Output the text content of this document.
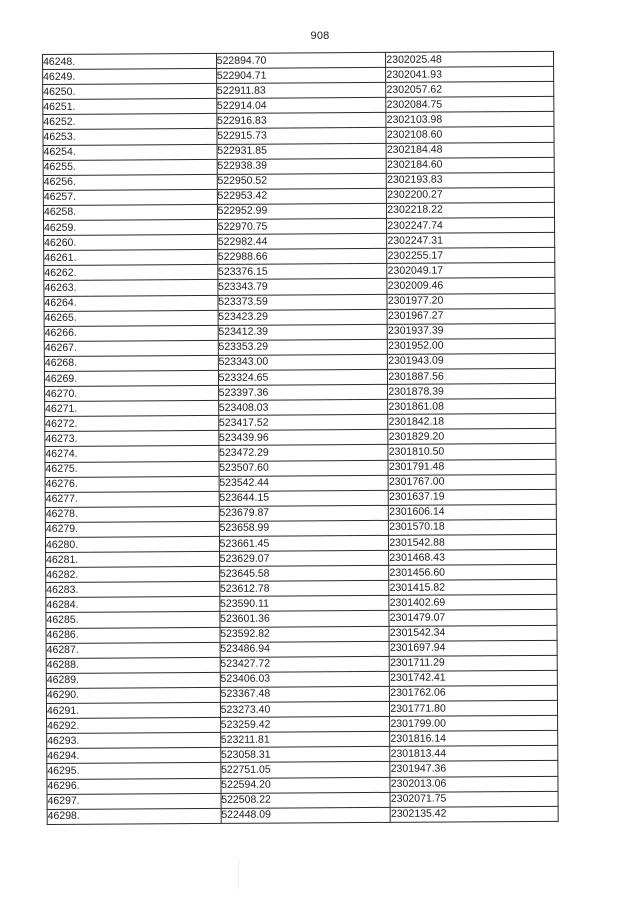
908
46248.	522894.70	2302025.48
46249.	522904.71	2302041.93
46250.	522911.83	2302057.62
46251.	522914.04	2302084.75
46252.	522916.83	2302103.98
46253.	522915.73	2302108.60
46254.	522931.85	2302184.48
46255.	522938.39	2302184.60
46256.	522950.52	2302193.83
46257.	522953.42	2302200.27
46258.	522952.99	2302218.22
46259.	522970.75	2302247.74
46260.	522982.44	2302247.31
46261.	522988.66	2302255.17
46262.	523376.15	2302049.17
46263.	523343.79	2302009.46
46264.	523373.59	2301977.20
46265.	523423.29	2301967.27
46266.	523412.39	2301937.39
46267.	523353.29	2301952.00
46268.	523343.00	2301943.09
46269.	523324.65	2301887.56
46270.	523397.36	2301878.39
46271.	523408.03	2301861.08
46272.	523417.52	2301842.18
46273.	523439.96	2301829.20
46274.	523472.29	2301810.50
46275.	523507.60	2301791.48
46276.	523542.44	2301767.00
46277.	523644.15	2301637.19
46278.	523679.87	2301606.14
46279.	523658.99	2301570.18
46280.	523661.45	2301542.88
46281.	523629.07	2301468.43
46282.	523645.58	2301456.60
46283.	523612.78	2301415.82
46284.	523590.11	2301402.69
46285.	523601.36	2301479.07
46286.	523592.82	2301542.34
46287.	523486.94	2301697.94
46288.	523427.72	2301711.29
46289.	523406.03	2301742.41
46290.	523367.48	2301762.06
46291.	523273.40	2301771.80
46292.	523259.42	2301799.00
46293.	523211.81	2301816.14
46294.	523058.31	2301813.44
46295.	522751.05	2301947.36
46296.	522594.20	2302013.06
46297.	522508.22	2302071.75
46298.	522448.09	2302135.42
